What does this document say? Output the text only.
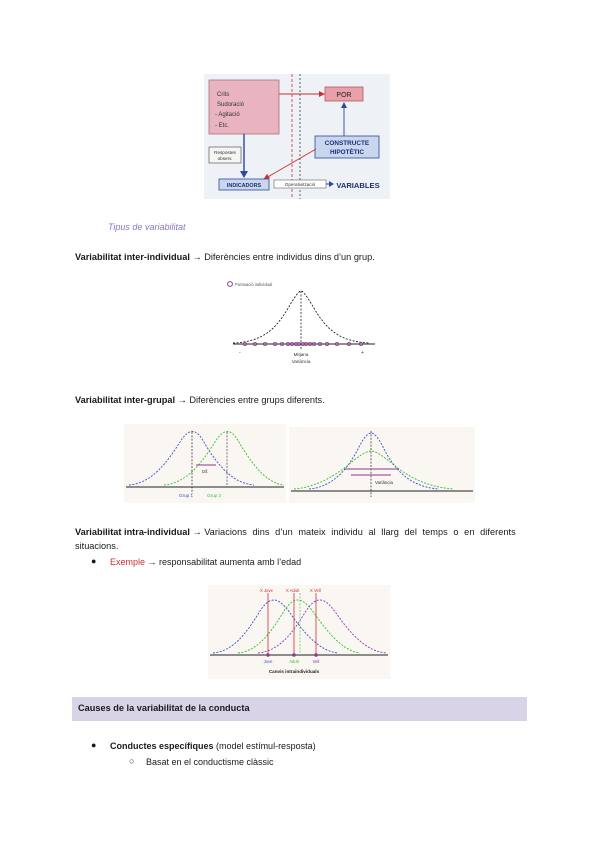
Crits
Sudoració
- Agitació
- Etc.
POR
CONSTRUCTE
HIPOTÈTIC
Respostes
observ.
INDICADORS	Operativització	VARIABLES
Tipus de variabilitat
Variabilitat inter-individual → Diferències entre individus dins d’un grup.
Puntuació individual
-	+
Mitjana
Variància
Variabilitat inter-grupal → Diferències entre grups diferents.
Dif.
Grup 1	Grup 2
Variància
Variabilitat intra-individual → Variacions dins d’un mateix individu al llarg del temps o en diferents
situacions.
● Exemple → responsabilitat aumenta amb l’edad
X Jove	X Adult	X Vell
Jove	Adult	Vell
Canvis intraindividuals
Causes de la variabilitat de la conducta
● Conductes específiques (model estímul-resposta)
○ Basat en el conductisme clàssic
